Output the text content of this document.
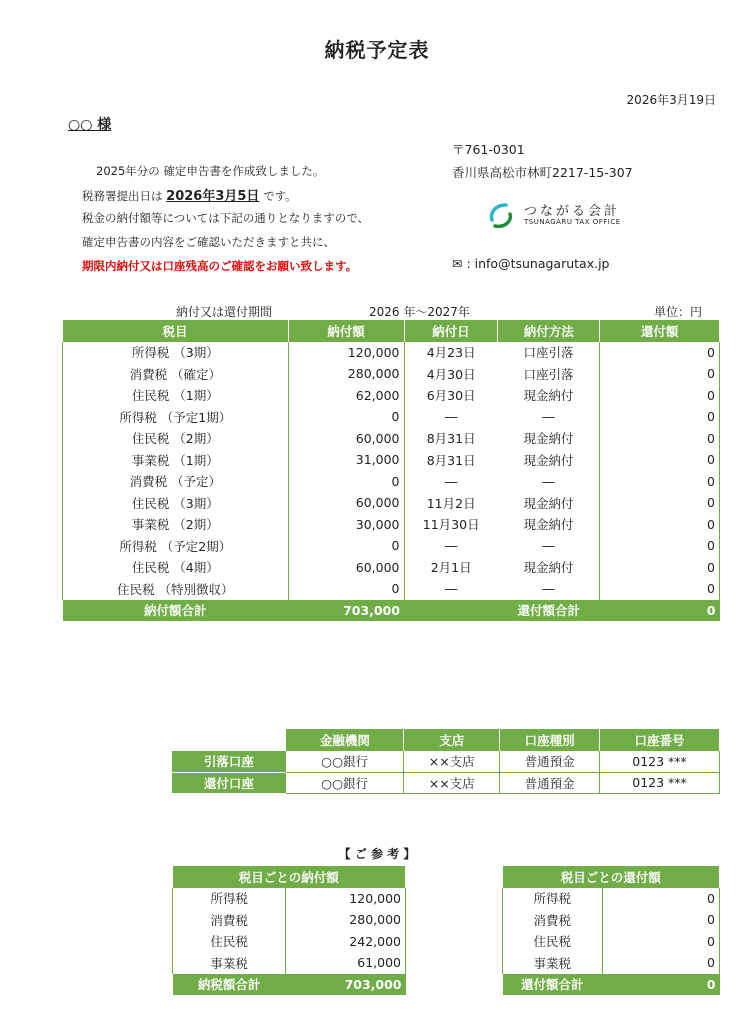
納税予定表
2026年3月19日
○○ 様
2025年分の 確定申告書を作成致しました。
税務署提出日は 2026年3月5日 です。
税金の納付額等については下記の通りとなりますので、
確定申告書の内容をご確認いただきますと共に、
期限内納付又は口座残高のご確認をお願い致します。
〒761-0301
香川県高松市林町2217-15-307
つながる会計
TSUNAGARU TAX OFFICE
✉ : info@tsunagarutax.jp
納付又は還付期間	2026 年～2027年	単位：円
税目	納付額	納付日	納付方法	還付額
所得税 （3期）	120,000	4月23日	口座引落	0
消費税 （確定）	280,000	4月30日	口座引落	0
住民税 （1期）	62,000	6月30日	現金納付	0
所得税 （予定1期）	0	―	―	0
住民税 （2期）	60,000	8月31日	現金納付	0
事業税 （1期）	31,000	8月31日	現金納付	0
消費税 （予定）	0	―	―	0
住民税 （3期）	60,000	11月2日	現金納付	0
事業税 （2期）	30,000	11月30日	現金納付	0
所得税 （予定2期）	0	―	―	0
住民税 （4期）	60,000	2月1日	現金納付	0
住民税 （特別徴収）	0	―	―	0
納付額合計	703,000		還付額合計	0
	金融機関	支店	口座種別	口座番号
引落口座	○○銀行	××支店	普通預金	0123 ***
還付口座	○○銀行	××支店	普通預金	0123 ***
【 ご 参 考 】
税目ごとの納付額	
所得税	120,000
消費税	280,000
住民税	242,000
事業税	61,000
納税額合計	703,000
税目ごとの還付額	
所得税	0
消費税	0
住民税	0
事業税	0
還付額合計	0
